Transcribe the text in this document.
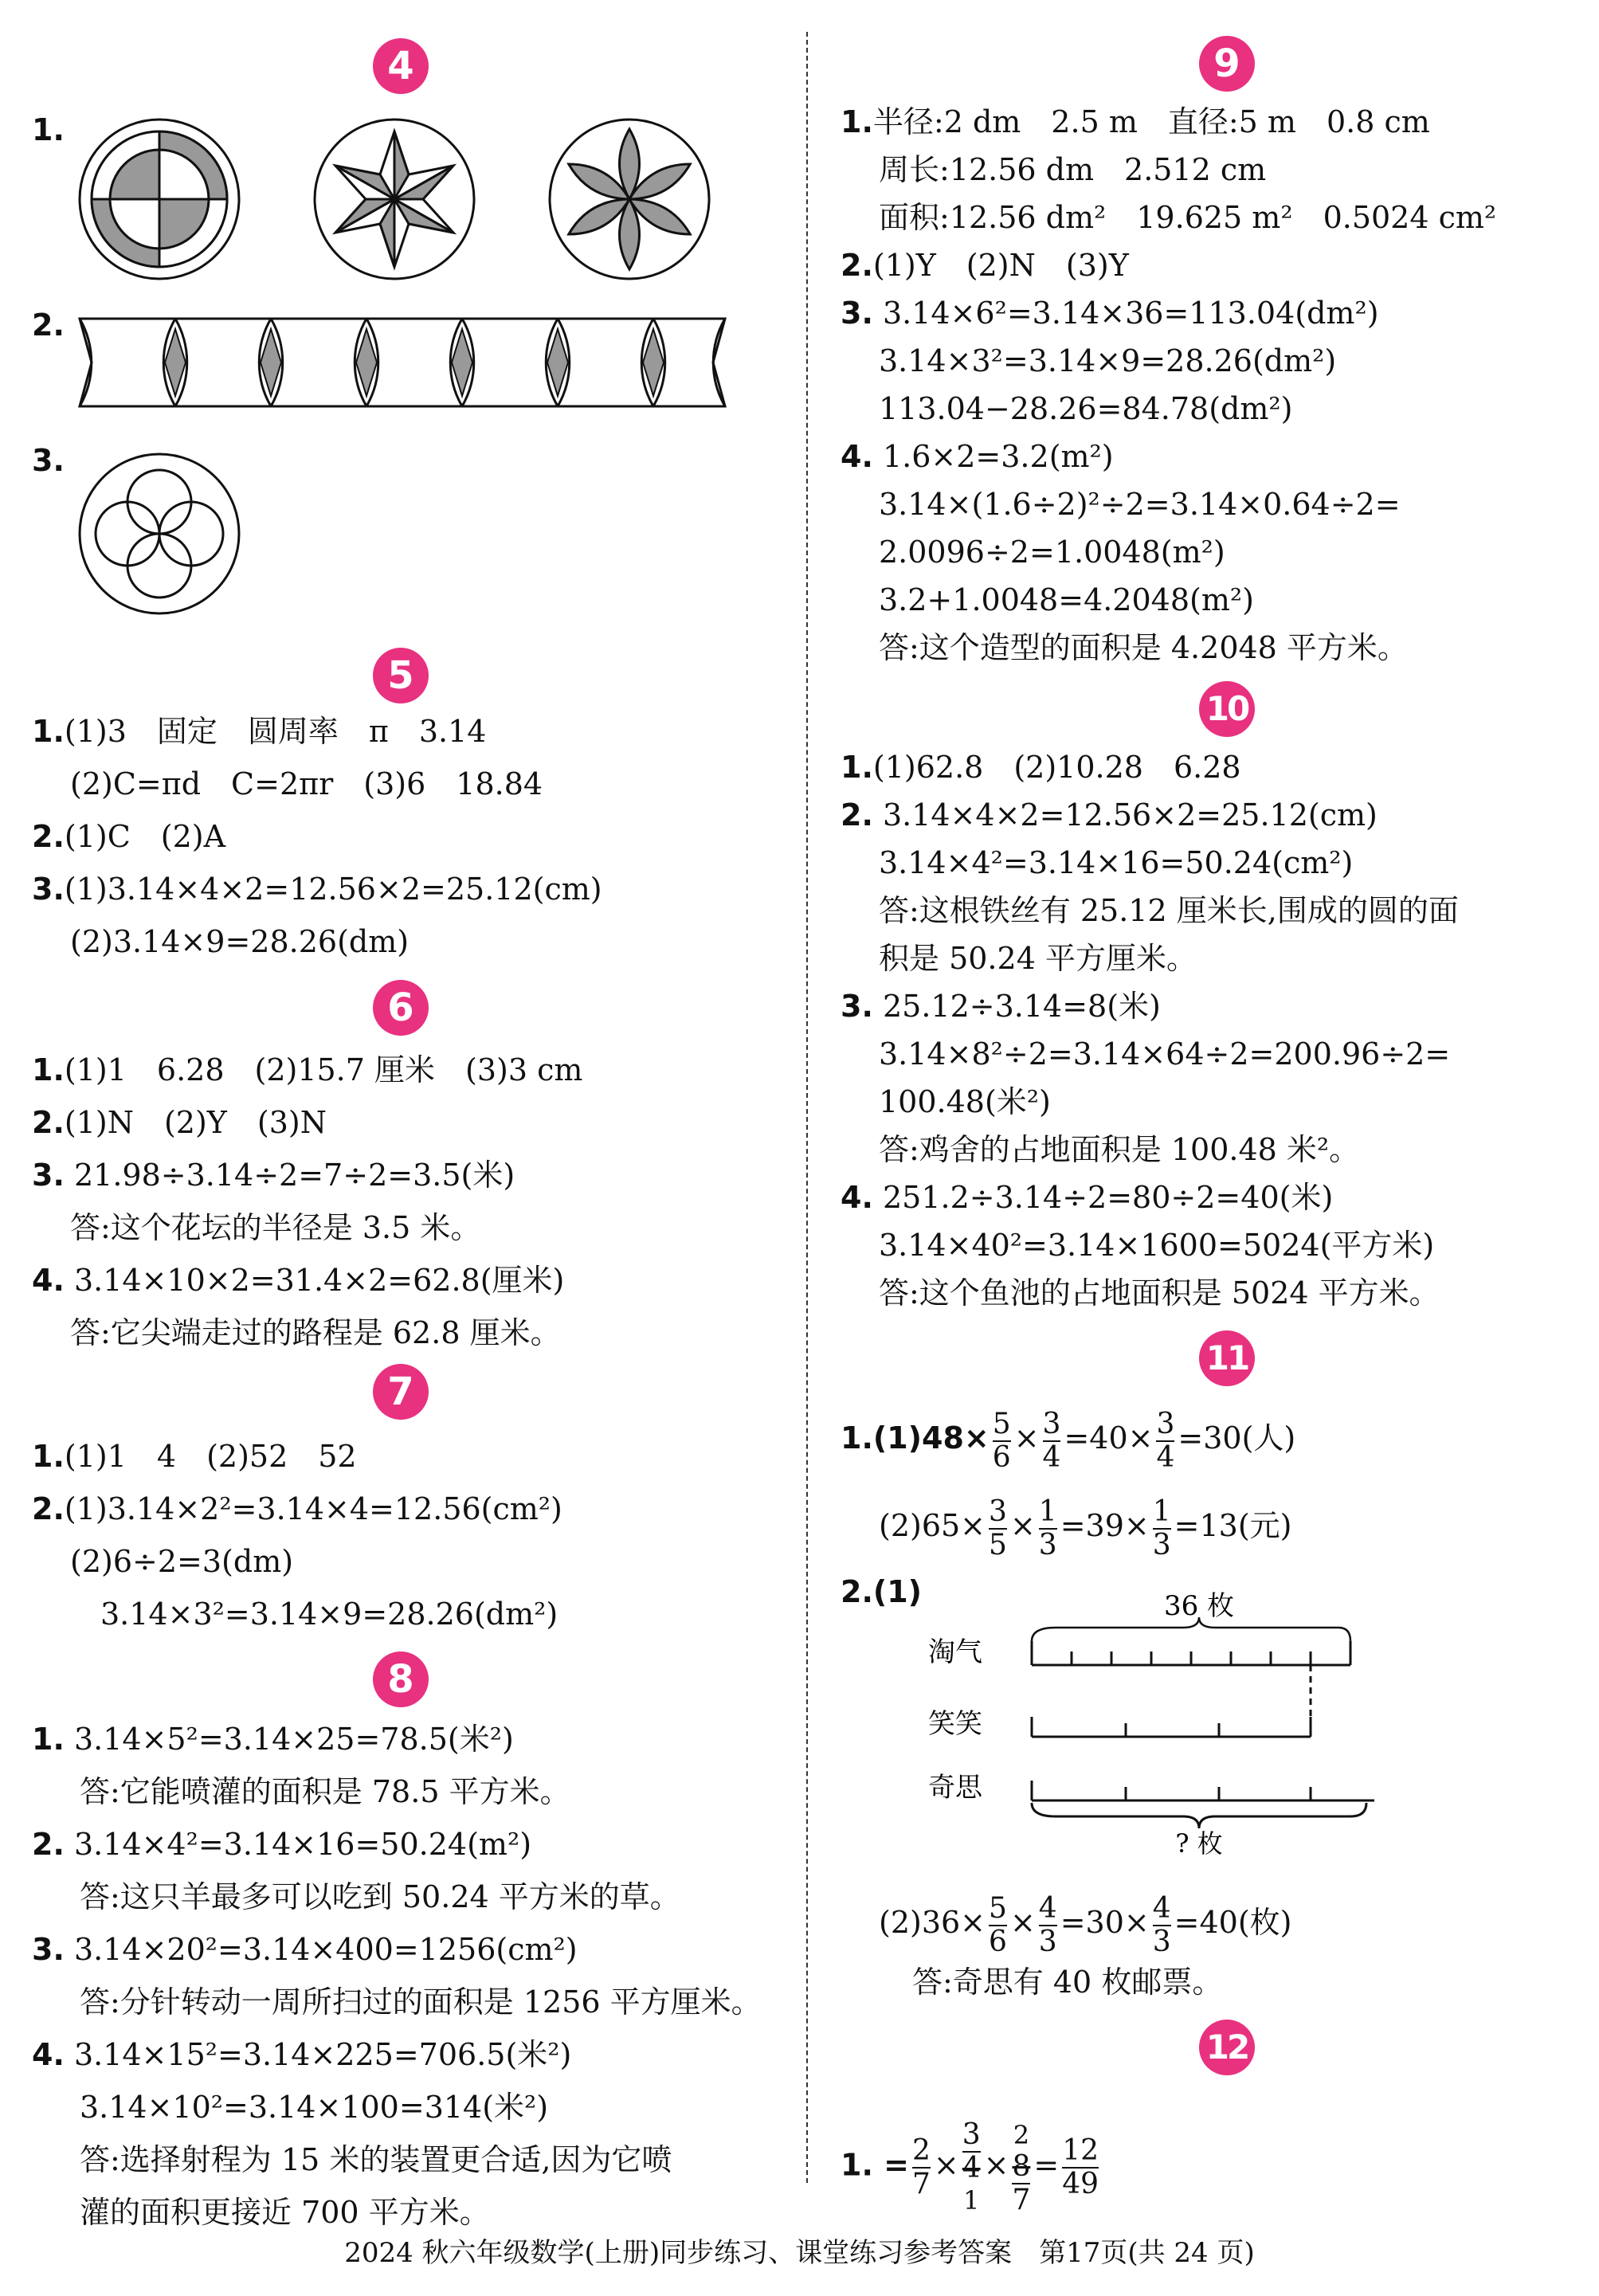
4
1.
2.
3.
5
6
7
8
1.(1)3　固定　圆周率　π　3.14
(2)C=πd　C=2πr　(3)6　18.84
2.(1)C　(2)A
3.(1)3.14×4×2=12.56×2=25.12(cm)
(2)3.14×9=28.26(dm)
1.(1)1　6.28　(2)15.7 厘米　(3)3 cm
2.(1)N　(2)Y　(3)N
3. 21.98÷3.14÷2=7÷2=3.5(米)
答:这个花坛的半径是 3.5 米。
4. 3.14×10×2=31.4×2=62.8(厘米)
答:它尖端走过的路程是 62.8 厘米。
1.(1)1　4　(2)52　52
2.(1)3.14×2²=3.14×4=12.56(cm²)
(2)6÷2=3(dm)
　3.14×3²=3.14×9=28.26(dm²)
1. 3.14×5²=3.14×25=78.5(米²)
答:它能喷灌的面积是 78.5 平方米。
2. 3.14×4²=3.14×16=50.24(m²)
答:这只羊最多可以吃到 50.24 平方米的草。
3. 3.14×20²=3.14×400=1256(cm²)
答:分针转动一周所扫过的面积是 1256 平方厘米。
4. 3.14×15²=3.14×225=706.5(米²)
3.14×10²=3.14×100=314(米²)
答:选择射程为 15 米的装置更合适,因为它喷
灌的面积更接近 700 平方米。
9
10
11
$1.(1)48\times \frac{5}{6} \times \frac{3}{4} =40\times \frac{3}{4} =30$(人)
$(2)65\times \frac{3}{5} \times \frac{1}{3} =39\times \frac{1}{3} =13$(元)
2.(1)	36 枚
淘气
笑笑
奇思
? 枚
$(2)36\times \frac{5}{6} \times \frac{4}{3} =30\times \frac{4}{3} =40$(枚)
答:奇思有 40 枚邮票。
12
1. = $\frac{2}{7}$ ×
3
4
1
×
2
8
7
= $\frac{12}{49}$
1.半径:2 dm　2.5 m　直径:5 m　0.8 cm
周长:12.56 dm　2.512 cm
面积:12.56 dm²　19.625 m²　0.5024 cm²
2.(1)Y　(2)N　(3)Y
3. 3.14×6²=3.14×36=113.04(dm²)
3.14×3²=3.14×9=28.26(dm²)
113.04−28.26=84.78(dm²)
4. 1.6×2=3.2(m²)
3.14×(1.6÷2)²÷2=3.14×0.64÷2=
2.0096÷2=1.0048(m²)
3.2+1.0048=4.2048(m²)
答:这个造型的面积是 4.2048 平方米。
1.(1)62.8　(2)10.28　6.28
2. 3.14×4×2=12.56×2=25.12(cm)
3.14×4²=3.14×16=50.24(cm²)
答:这根铁丝有 25.12 厘米长,围成的圆的面
积是 50.24 平方厘米。
3. 25.12÷3.14=8(米)
3.14×8²÷2=3.14×64÷2=200.96÷2=
100.48(米²)
答:鸡舍的占地面积是 100.48 米²。
4. 251.2÷3.14÷2=80÷2=40(米)
3.14×40²=3.14×1600=5024(平方米)
答:这个鱼池的占地面积是 5024 平方米。
2024 秋六年级数学(上册)同步练习、课堂练习参考答案　第17页(共 24 页)
